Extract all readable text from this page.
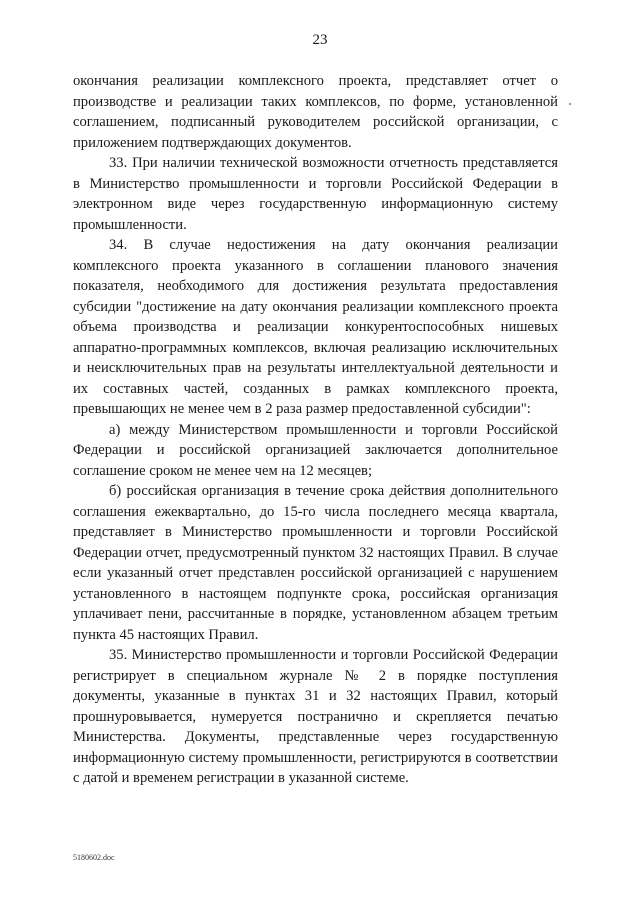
23

окончания реализации комплексного проекта, представляет отчет о производстве и реализации таких комплексов, по форме, установленной соглашением, подписанный руководителем российской организации, с приложением подтверждающих документов.

33. При наличии технической возможности отчетность представляется в Министерство промышленности и торговли Российской Федерации в электронном виде через государственную информационную систему промышленности.

34. В случае недостижения на дату окончания реализации комплексного проекта указанного в соглашении планового значения показателя, необходимого для достижения результата предоставления субсидии "достижение на дату окончания реализации комплексного проекта объема производства и реализации конкурентоспособных нишевых аппаратно-программных комплексов, включая реализацию исключительных и неисключительных прав на результаты интеллектуальной деятельности и их составных частей, созданных в рамках комплексного проекта, превышающих не менее чем в 2 раза размер предоставленной субсидии":

а) между Министерством промышленности и торговли Российской Федерации и российской организацией заключается дополнительное соглашение сроком не менее чем на 12 месяцев;

б) российская организация в течение срока действия дополнительного соглашения ежеквартально, до 15-го числа последнего месяца квартала, представляет в Министерство промышленности и торговли Российской Федерации отчет, предусмотренный пунктом 32 настоящих Правил. В случае если указанный отчет представлен российской организацией с нарушением установленного в настоящем подпункте срока, российская организация уплачивает пени, рассчитанные в порядке, установленном абзацем третьим пункта 45 настоящих Правил.

35. Министерство промышленности и торговли Российской Федерации регистрирует в специальном журнале № 2 в порядке поступления документы, указанные в пунктах 31 и 32 настоящих Правил, который прошнуровывается, нумеруется постранично и скрепляется печатью Министерства. Документы, представленные через государственную информационную систему промышленности, регистрируются в соответствии с датой и временем регистрации в указанной системе.

5180602.doc
